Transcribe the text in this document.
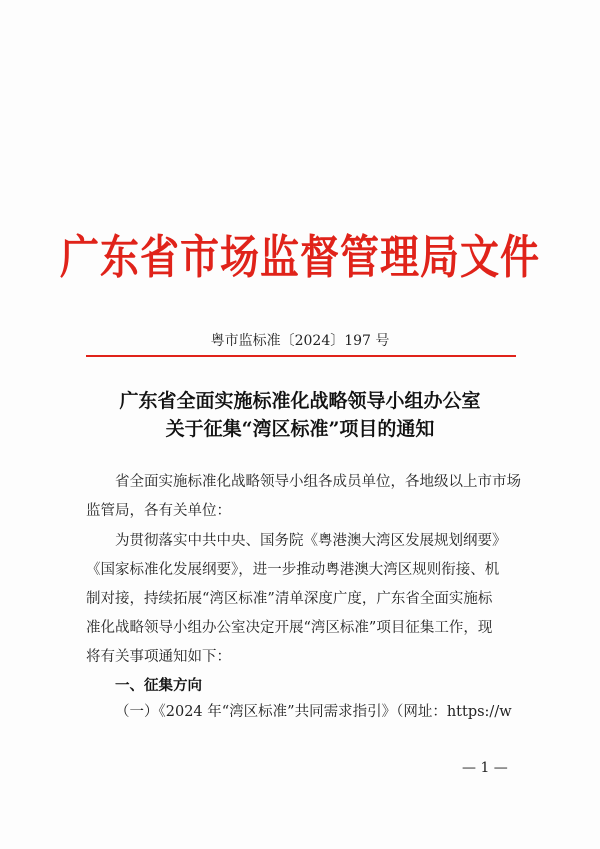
广东省市场监督管理局文件
粤市监标准〔2024〕197 号
广东省全面实施标准化战略领导小组办公室
关于征集“湾区标准”项目的通知
省全面实施标准化战略领导小组各成员单位，各地级以上市市场
监管局，各有关单位：
为贯彻落实中共中央、国务院《粤港澳大湾区发展规划纲要》
《国家标准化发展纲要》，进一步推动粤港澳大湾区规则衔接、机
制对接，持续拓展“湾区标准”清单深度广度，广东省全面实施标
准化战略领导小组办公室决定开展“湾区标准”项目征集工作，现
将有关事项通知如下：
一、征集方向
（一）《2024 年“湾区标准”共同需求指引》（网址：https://w
— 1 —
